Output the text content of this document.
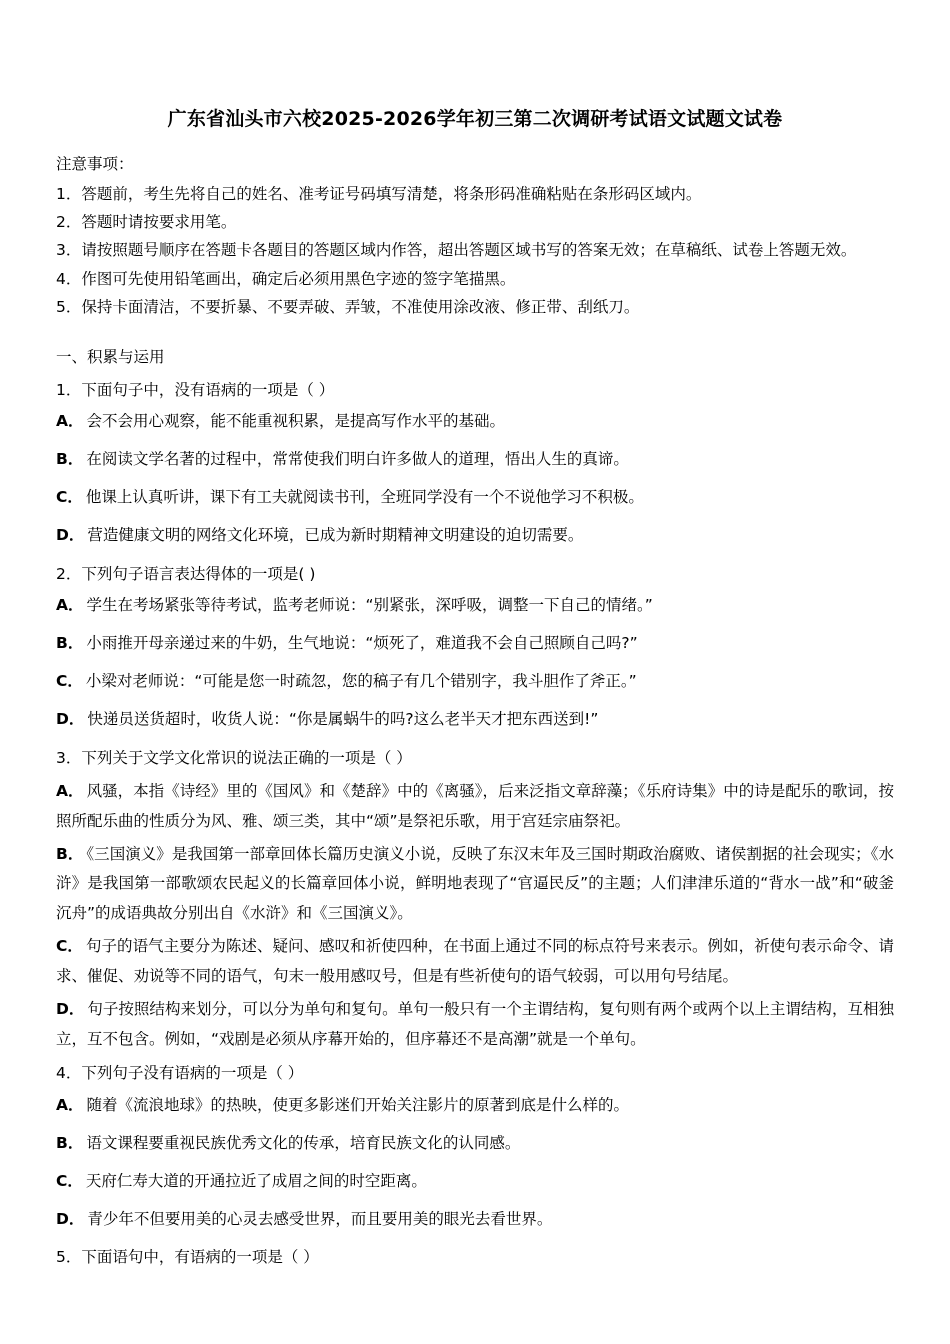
广东省汕头市六校2025-2026学年初三第二次调研考试语文试题文试卷

注意事项：

1．答题前，考生先将自己的姓名、准考证号码填写清楚，将条形码准确粘贴在条形码区域内。

2．答题时请按要求用笔。

3．请按照题号顺序在答题卡各题目的答题区域内作答，超出答题区域书写的答案无效；在草稿纸、试卷上答题无效。

4．作图可先使用铅笔画出，确定后必须用黑色字迹的签字笔描黑。

5．保持卡面清洁，不要折暴、不要弄破、弄皱，不准使用涂改液、修正带、刮纸刀。

一、积累与运用

1．下面句子中，没有语病的一项是（ ）

A． 会不会用心观察，能不能重视积累，是提高写作水平的基础。

B． 在阅读文学名著的过程中，常常使我们明白许多做人的道理，悟出人生的真谛。

C． 他课上认真听讲，课下有工夫就阅读书刊，全班同学没有一个不说他学习不积极。

D． 营造健康文明的网络文化环境，已成为新时期精神文明建设的迫切需要。

2．下列句子语言表达得体的一项是( )

A． 学生在考场紧张等待考试，监考老师说：“别紧张，深呼吸，调整一下自己的情绪。”

B． 小雨推开母亲递过来的牛奶，生气地说：“烦死了，难道我不会自己照顾自己吗?”

C． 小梁对老师说：“可能是您一时疏忽，您的稿子有几个错别字，我斗胆作了斧正。”

D． 快递员送货超时，收货人说：“你是属蜗牛的吗?这么老半天才把东西送到!”

3．下列关于文学文化常识的说法正确的一项是（ ）

A． 风骚，本指《诗经》里的《国风》和《楚辞》中的《离骚》，后来泛指文章辞藻；《乐府诗集》中的诗是配乐的歌词，按照所配乐曲的性质分为风、雅、颂三类，其中“颂”是祭祀乐歌，用于宫廷宗庙祭祀。

B． 《三国演义》是我国第一部章回体长篇历史演义小说，反映了东汉末年及三国时期政治腐败、诸侯割据的社会现实；《水浒》是我国第一部歌颂农民起义的长篇章回体小说，鲜明地表现了“官逼民反”的主题；人们津津乐道的“背水一战”和“破釜沉舟”的成语典故分别出自《水浒》和《三国演义》。

C． 句子的语气主要分为陈述、疑问、感叹和祈使四种，在书面上通过不同的标点符号来表示。例如，祈使句表示命令、请求、催促、劝说等不同的语气，句末一般用感叹号，但是有些祈使句的语气较弱，可以用句号结尾。

D． 句子按照结构来划分，可以分为单句和复句。单句一般只有一个主谓结构，复句则有两个或两个以上主谓结构，互相独立，互不包含。例如，“戏剧是必须从序幕开始的，但序幕还不是高潮”就是一个单句。

4．下列句子没有语病的一项是（ ）

A． 随着《流浪地球》的热映，使更多影迷们开始关注影片的原著到底是什么样的。

B． 语文课程要重视民族优秀文化的传承，培育民族文化的认同感。

C． 天府仁寿大道的开通拉近了成眉之间的时空距离。

D． 青少年不但要用美的心灵去感受世界，而且要用美的眼光去看世界。

5．下面语句中，有语病的一项是（ ）
